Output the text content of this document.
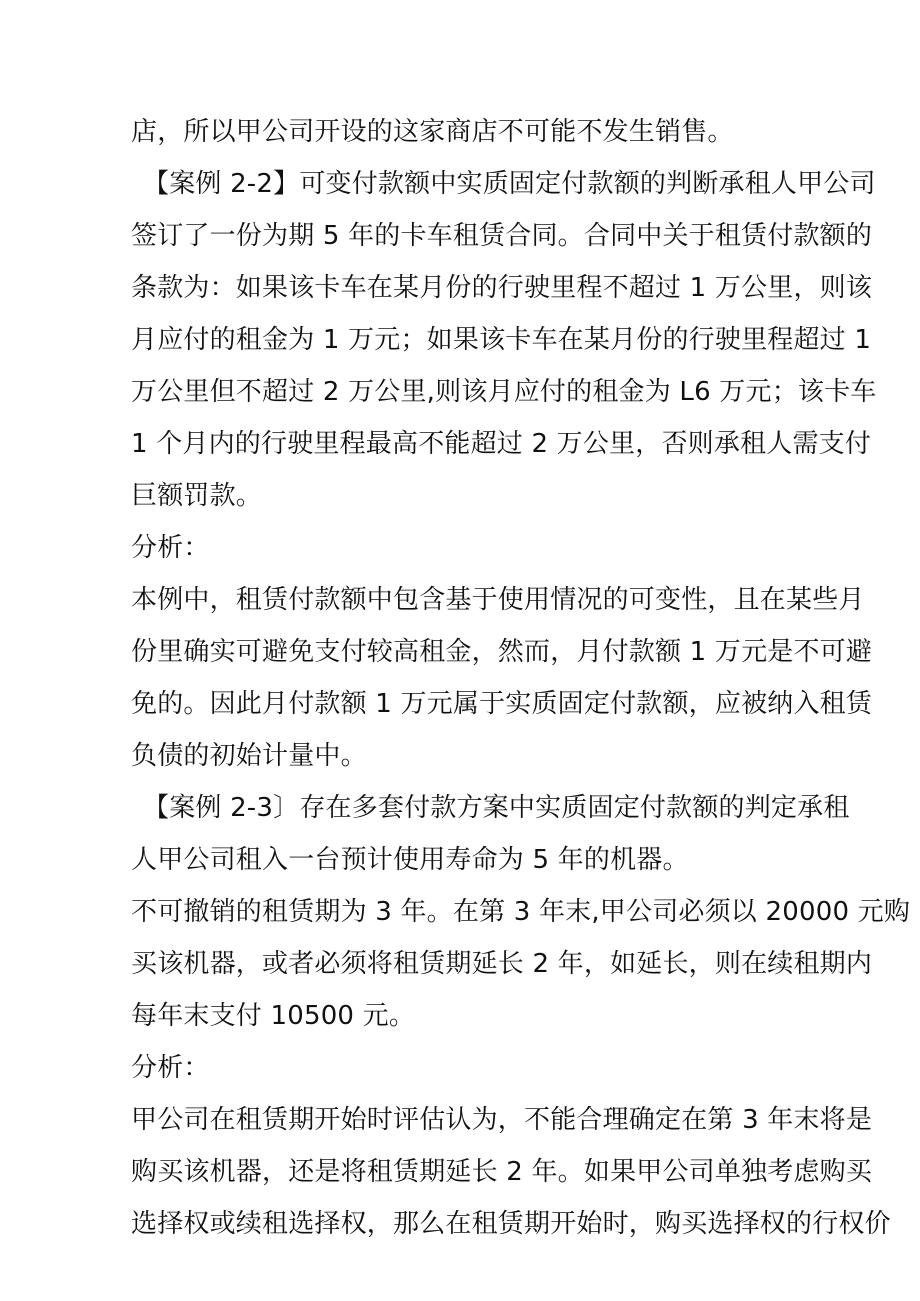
店，所以甲公司开设的这家商店不可能不发生销售。
【案例 2-2】可变付款额中实质固定付款额的判断承租人甲公司
签订了一份为期 5 年的卡车租赁合同。合同中关于租赁付款额的
条款为：如果该卡车在某月份的行驶里程不超过 1 万公里，则该
月应付的租金为 1 万元；如果该卡车在某月份的行驶里程超过 1
万公里但不超过 2 万公里,则该月应付的租金为 L6 万元；该卡车
1 个月内的行驶里程最高不能超过 2 万公里，否则承租人需支付
巨额罚款。
分析：
本例中，租赁付款额中包含基于使用情况的可变性，且在某些月
份里确实可避免支付较高租金，然而，月付款额 1 万元是不可避
免的。因此月付款额 1 万元属于实质固定付款额，应被纳入租赁
负债的初始计量中。
【案例 2-3〕存在多套付款方案中实质固定付款额的判定承租
人甲公司租入一台预计使用寿命为 5 年的机器。
不可撤销的租赁期为 3 年。在第 3 年末,甲公司必须以 20000 元购
买该机器，或者必须将租赁期延长 2 年，如延长，则在续租期内
每年末支付 10500 元。
分析：
甲公司在租赁期开始时评估认为，不能合理确定在第 3 年末将是
购买该机器，还是将租赁期延长 2 年。如果甲公司单独考虑购买
选择权或续租选择权，那么在租赁期开始时，购买选择权的行权价
